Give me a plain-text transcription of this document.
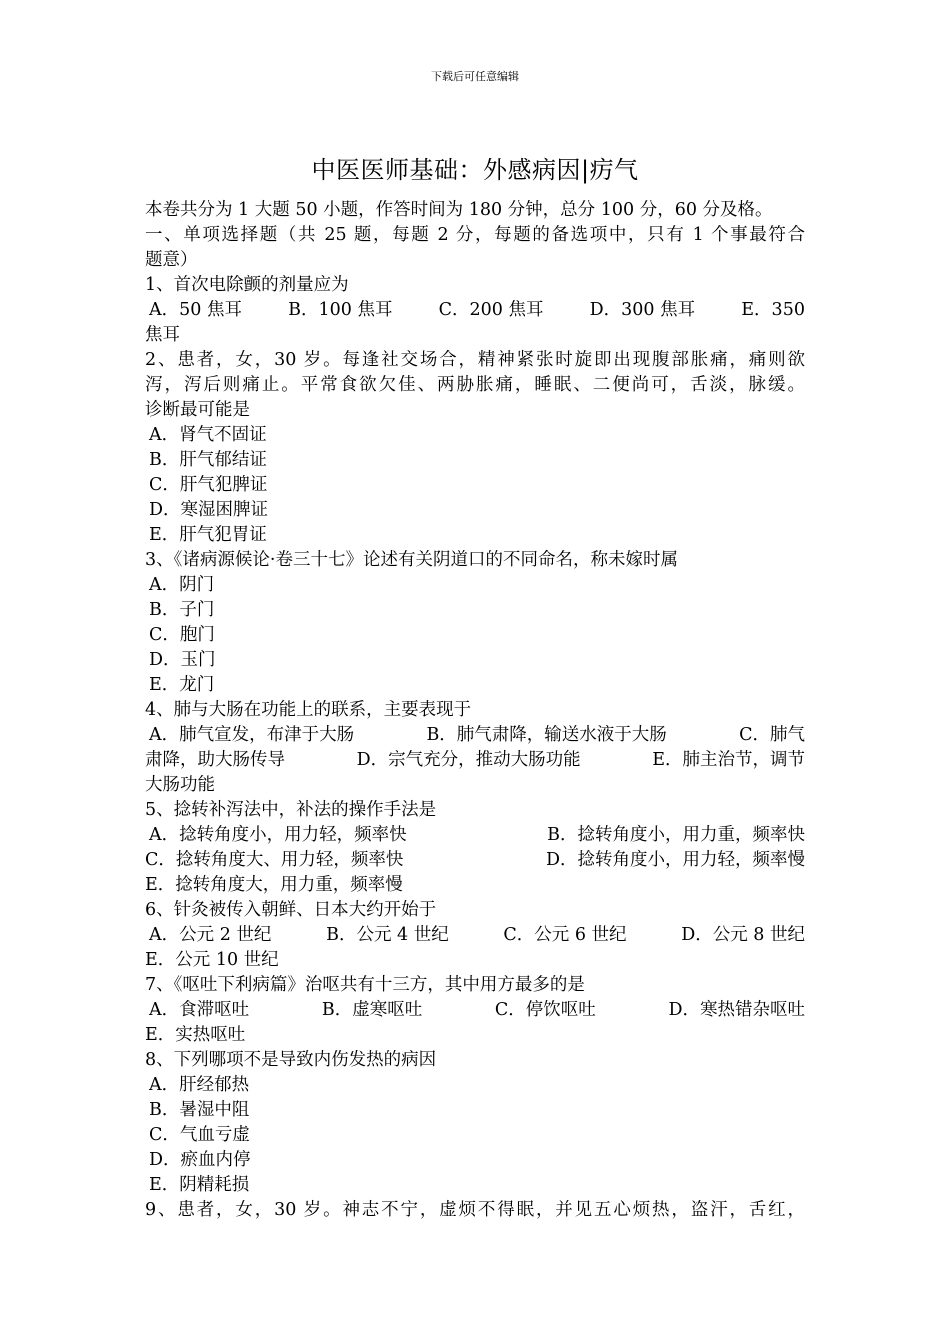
下载后可任意编辑
中医医师基础：外感病因|疠气
本卷共分为 1 大题 50 小题，作答时间为 180 分钟，总分 100 分，60 分及格。
一、单项选择题（共 25 题，每题 2 分，每题的备选项中，只有 1 个事最符合
题意）
1、首次电除颤的剂量应为
A．50 焦耳	B．100 焦耳	C．200 焦耳	D．300 焦耳	E．350
焦耳
2、患者，女，30 岁。每逢社交场合，精神紧张时旋即出现腹部胀痛，痛则欲
泻，泻后则痛止。平常食欲欠佳、两胁胀痛，睡眠、二便尚可，舌淡，脉缓。
诊断最可能是
A．肾气不固证
B．肝气郁结证
C．肝气犯脾证
D．寒湿困脾证
E．肝气犯胃证
3、《诸病源候论·卷三十七》论述有关阴道口的不同命名，称未嫁时属
A．阴门
B．子门
C．胞门
D．玉门
E．龙门
4、肺与大肠在功能上的联系，主要表现于
A．肺气宣发，布津于大肠	B．肺气肃降，输送水液于大肠	C．肺气
肃降，助大肠传导	D．宗气充分，推动大肠功能	E．肺主治节，调节
大肠功能
5、捻转补泻法中，补法的操作手法是
A．捻转角度小，用力轻，频率快	B．捻转角度小，用力重，频率快
C．捻转角度大、用力轻，频率快	D．捻转角度小，用力轻，频率慢
E．捻转角度大，用力重，频率慢
6、针灸被传入朝鲜、日本大约开始于
A．公元 2 世纪	B．公元 4 世纪	C．公元 6 世纪	D．公元 8 世纪
E．公元 10 世纪
7、《呕吐下利病篇》治呕共有十三方，其中用方最多的是
A．食滞呕吐	B．虚寒呕吐	C．停饮呕吐	D．寒热错杂呕吐
E．实热呕吐
8、下列哪项不是导致内伤发热的病因
A．肝经郁热
B．暑湿中阻
C．气血亏虚
D．瘀血内停
E．阴精耗损
9、患者，女，30 岁。神志不宁，虚烦不得眠，并见五心烦热，盗汗，舌红，
